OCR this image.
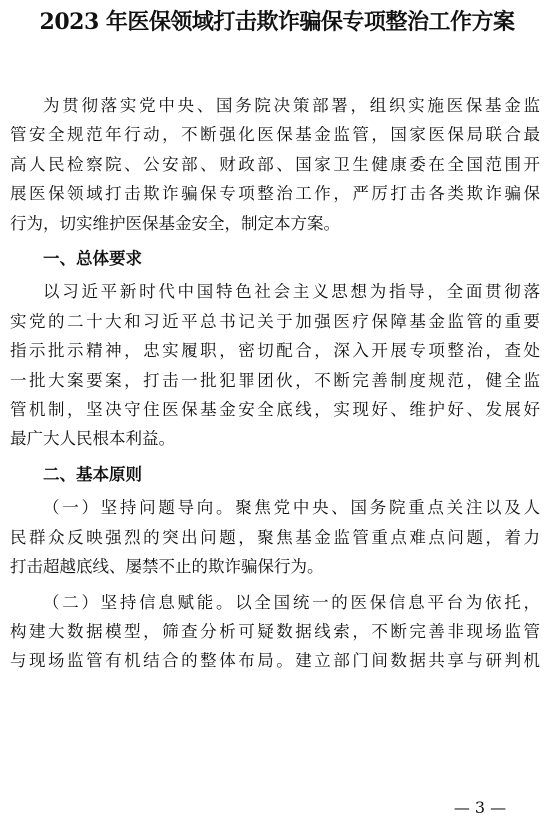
2023 年医保领域打击欺诈骗保专项整治工作方案
为贯彻落实党中央、国务院决策部署，组织实施医保基金监
管安全规范年行动，不断强化医保基金监管，国家医保局联合最
高人民检察院、公安部、财政部、国家卫生健康委在全国范围开
展医保领域打击欺诈骗保专项整治工作，严厉打击各类欺诈骗保
行为，切实维护医保基金安全，制定本方案。
一、总体要求
以习近平新时代中国特色社会主义思想为指导，全面贯彻落
实党的二十大和习近平总书记关于加强医疗保障基金监管的重要
指示批示精神，忠实履职，密切配合，深入开展专项整治，查处
一批大案要案，打击一批犯罪团伙，不断完善制度规范，健全监
管机制，坚决守住医保基金安全底线，实现好、维护好、发展好
最广大人民根本利益。
二、基本原则
（一）坚持问题导向。聚焦党中央、国务院重点关注以及人
民群众反映强烈的突出问题，聚焦基金监管重点难点问题，着力
打击超越底线、屡禁不止的欺诈骗保行为。
（二）坚持信息赋能。以全国统一的医保信息平台为依托，
构建大数据模型，筛查分析可疑数据线索，不断完善非现场监管
与现场监管有机结合的整体布局。建立部门间数据共享与研判机
— 3 —
